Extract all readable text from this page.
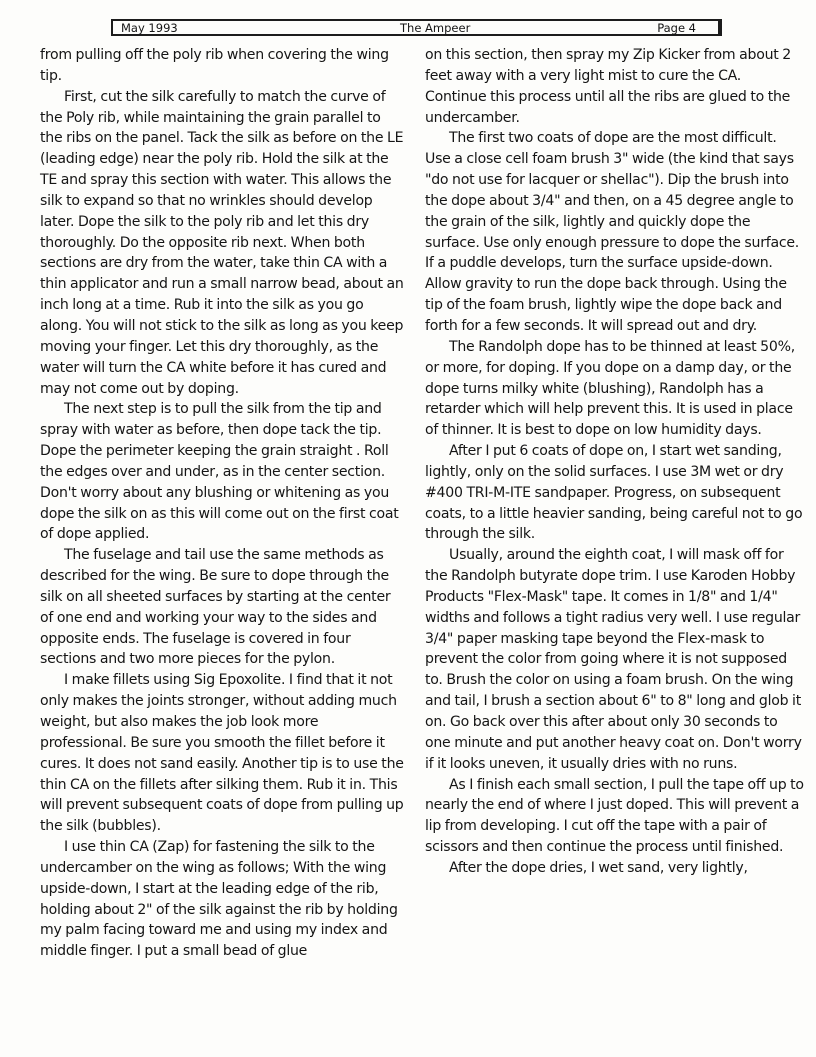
May 1993	The Ampeer	Page 4

from pulling off the poly rib when covering the wing tip.

First, cut the silk carefully to match the curve of the Poly rib, while maintaining the grain parallel to the ribs on the panel. Tack the silk as before on the LE (leading edge) near the poly rib. Hold the silk at the TE and spray this section with water. This allows the silk to expand so that no wrinkles should develop later. Dope the silk to the poly rib and let this dry thoroughly. Do the opposite rib next. When both sections are dry from the water, take thin CA with a thin applicator and run a small narrow bead, about an inch long at a time. Rub it into the silk as you go along. You will not stick to the silk as long as you keep moving your finger. Let this dry thoroughly, as the water will turn the CA white before it has cured and may not come out by doping.

The next step is to pull the silk from the tip and spray with water as before, then dope tack the tip. Dope the perimeter keeping the grain straight . Roll the edges over and under, as in the center section. Don't worry about any blushing or whitening as you dope the silk on as this will come out on the first coat of dope applied.

The fuselage and tail use the same methods as described for the wing. Be sure to dope through the silk on all sheeted surfaces by starting at the center of one end and working your way to the sides and opposite ends. The fuselage is covered in four sections and two more pieces for the pylon.

I make fillets using Sig Epoxolite. I find that it not only makes the joints stronger, without adding much weight, but also makes the job look more professional. Be sure you smooth the fillet before it cures. It does not sand easily. Another tip is to use the thin CA on the fillets after silking them. Rub it in. This will prevent subsequent coats of dope from pulling up the silk (bubbles).

I use thin CA (Zap) for fastening the silk to the undercamber on the wing as follows; With the wing upside-down, I start at the leading edge of the rib, holding about 2" of the silk against the rib by holding my palm facing toward me and using my index and middle finger. I put a small bead of glue

on this section, then spray my Zip Kicker from about 2 feet away with a very light mist to cure the CA. Continue this process until all the ribs are glued to the undercamber.

The first two coats of dope are the most difficult. Use a close cell foam brush 3" wide (the kind that says "do not use for lacquer or shellac"). Dip the brush into the dope about 3/4" and then, on a 45 degree angle to the grain of the silk, lightly and quickly dope the surface. Use only enough pressure to dope the surface. If a puddle develops, turn the surface upside-down. Allow gravity to run the dope back through. Using the tip of the foam brush, lightly wipe the dope back and forth for a few seconds. It will spread out and dry.

The Randolph dope has to be thinned at least 50%, or more, for doping. If you dope on a damp day, or the dope turns milky white (blushing), Randolph has a retarder which will help prevent this. It is used in place of thinner. It is best to dope on low humidity days.

After I put 6 coats of dope on, I start wet sanding, lightly, only on the solid surfaces. I use 3M wet or dry #400 TRI-M-ITE sandpaper. Progress, on subsequent coats, to a little heavier sanding, being careful not to go through the silk.

Usually, around the eighth coat, I will mask off for the Randolph butyrate dope trim. I use Karoden Hobby Products "Flex-Mask" tape. It comes in 1/8" and 1/4" widths and follows a tight radius very well. I use regular 3/4" paper masking tape beyond the Flex-mask to prevent the color from going where it is not supposed to. Brush the color on using a foam brush. On the wing and tail, I brush a section about 6" to 8" long and glob it on. Go back over this after about only 30 seconds to one minute and put another heavy coat on. Don't worry if it looks uneven, it usually dries with no runs.

As I finish each small section, I pull the tape off up to nearly the end of where I just doped. This will prevent a lip from developing. I cut off the tape with a pair of scissors and then continue the process until finished.

After the dope dries, I wet sand, very lightly,
